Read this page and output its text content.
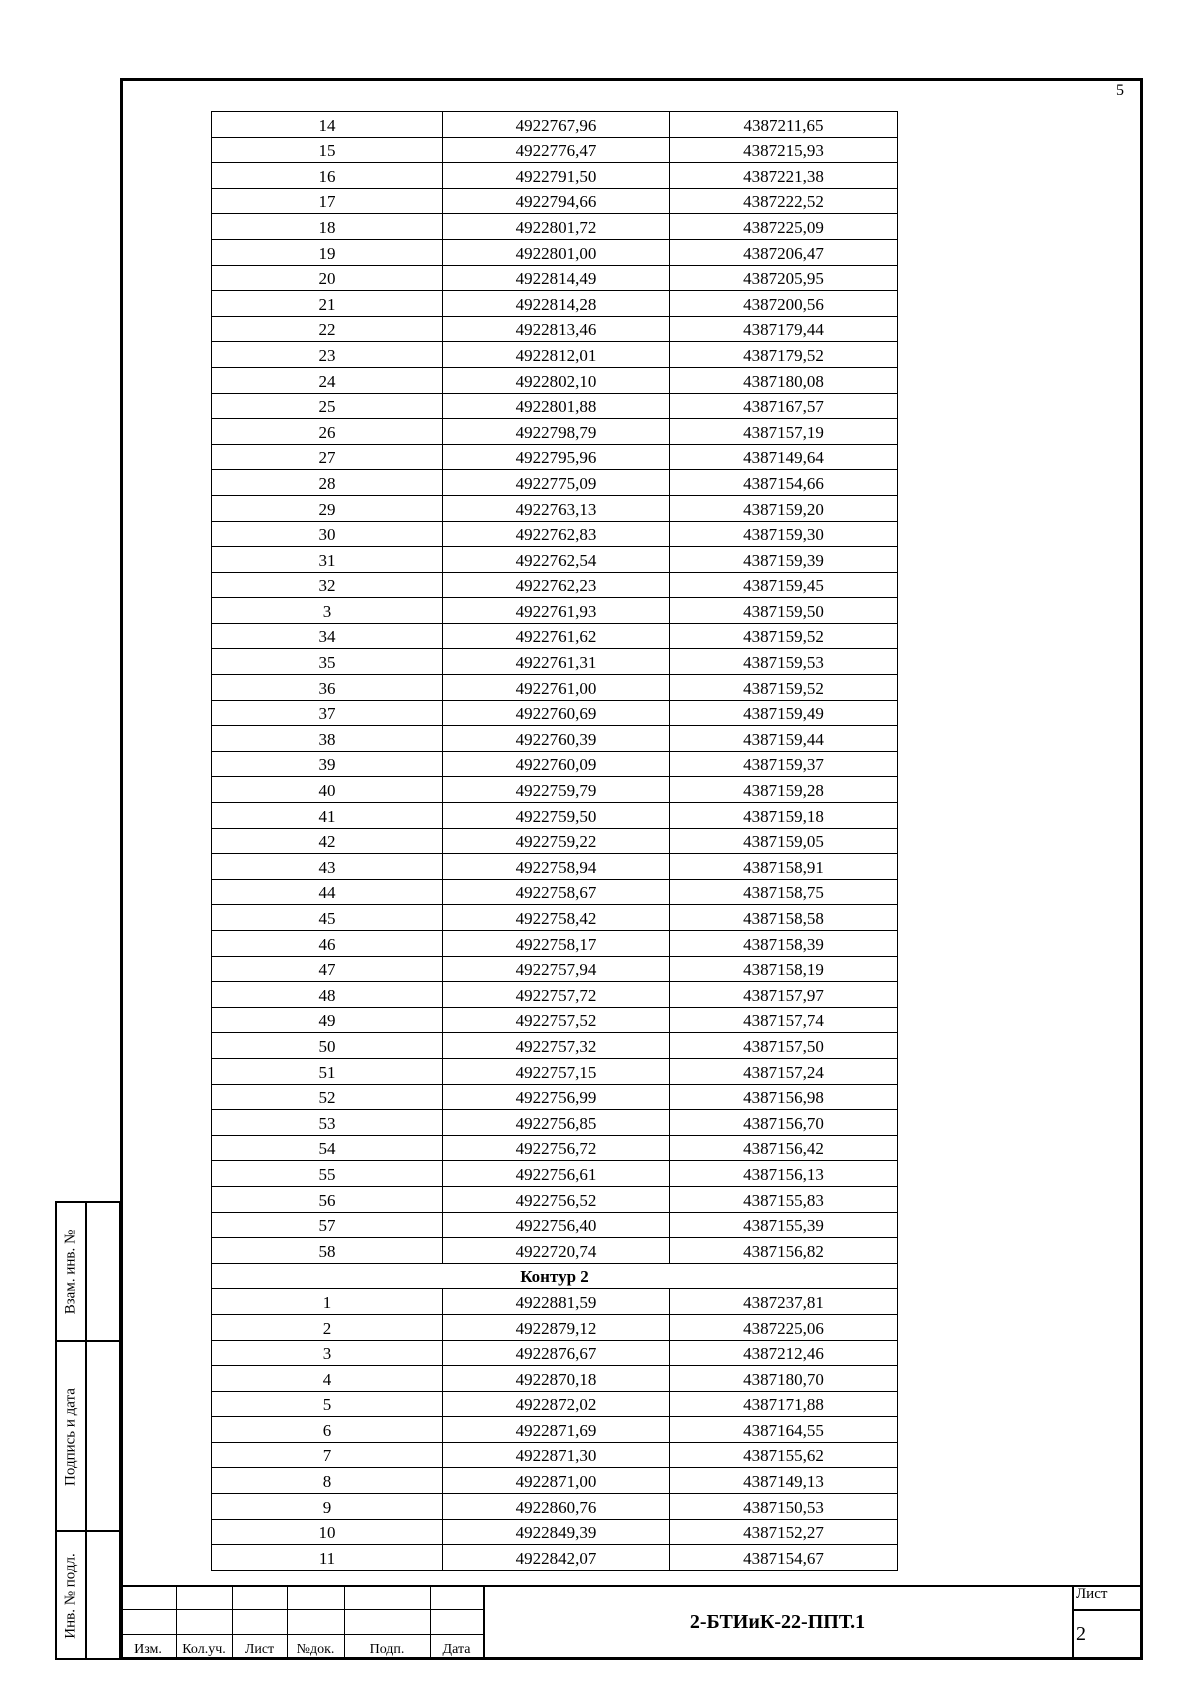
5
14	4922767,96	4387211,65
15	4922776,47	4387215,93
16	4922791,50	4387221,38
17	4922794,66	4387222,52
18	4922801,72	4387225,09
19	4922801,00	4387206,47
20	4922814,49	4387205,95
21	4922814,28	4387200,56
22	4922813,46	4387179,44
23	4922812,01	4387179,52
24	4922802,10	4387180,08
25	4922801,88	4387167,57
26	4922798,79	4387157,19
27	4922795,96	4387149,64
28	4922775,09	4387154,66
29	4922763,13	4387159,20
30	4922762,83	4387159,30
31	4922762,54	4387159,39
32	4922762,23	4387159,45
3	4922761,93	4387159,50
34	4922761,62	4387159,52
35	4922761,31	4387159,53
36	4922761,00	4387159,52
37	4922760,69	4387159,49
38	4922760,39	4387159,44
39	4922760,09	4387159,37
40	4922759,79	4387159,28
41	4922759,50	4387159,18
42	4922759,22	4387159,05
43	4922758,94	4387158,91
44	4922758,67	4387158,75
45	4922758,42	4387158,58
46	4922758,17	4387158,39
47	4922757,94	4387158,19
48	4922757,72	4387157,97
49	4922757,52	4387157,74
50	4922757,32	4387157,50
51	4922757,15	4387157,24
52	4922756,99	4387156,98
53	4922756,85	4387156,70
54	4922756,72	4387156,42
55	4922756,61	4387156,13
56	4922756,52	4387155,83
57	4922756,40	4387155,39
58	4922720,74	4387156,82
Контур 2		
1	4922881,59	4387237,81
2	4922879,12	4387225,06
3	4922876,67	4387212,46
4	4922870,18	4387180,70
5	4922872,02	4387171,88
6	4922871,69	4387164,55
7	4922871,30	4387155,62
8	4922871,00	4387149,13
9	4922860,76	4387150,53
10	4922849,39	4387152,27
11	4922842,07	4387154,67
Взам. инв. №
Подпись и дата
Инв. № подл.
Изм.	Кол.уч.	Лист	№док.	Подп.	Дата
2-БТИиК-22-ППТ.1
Лист
2
